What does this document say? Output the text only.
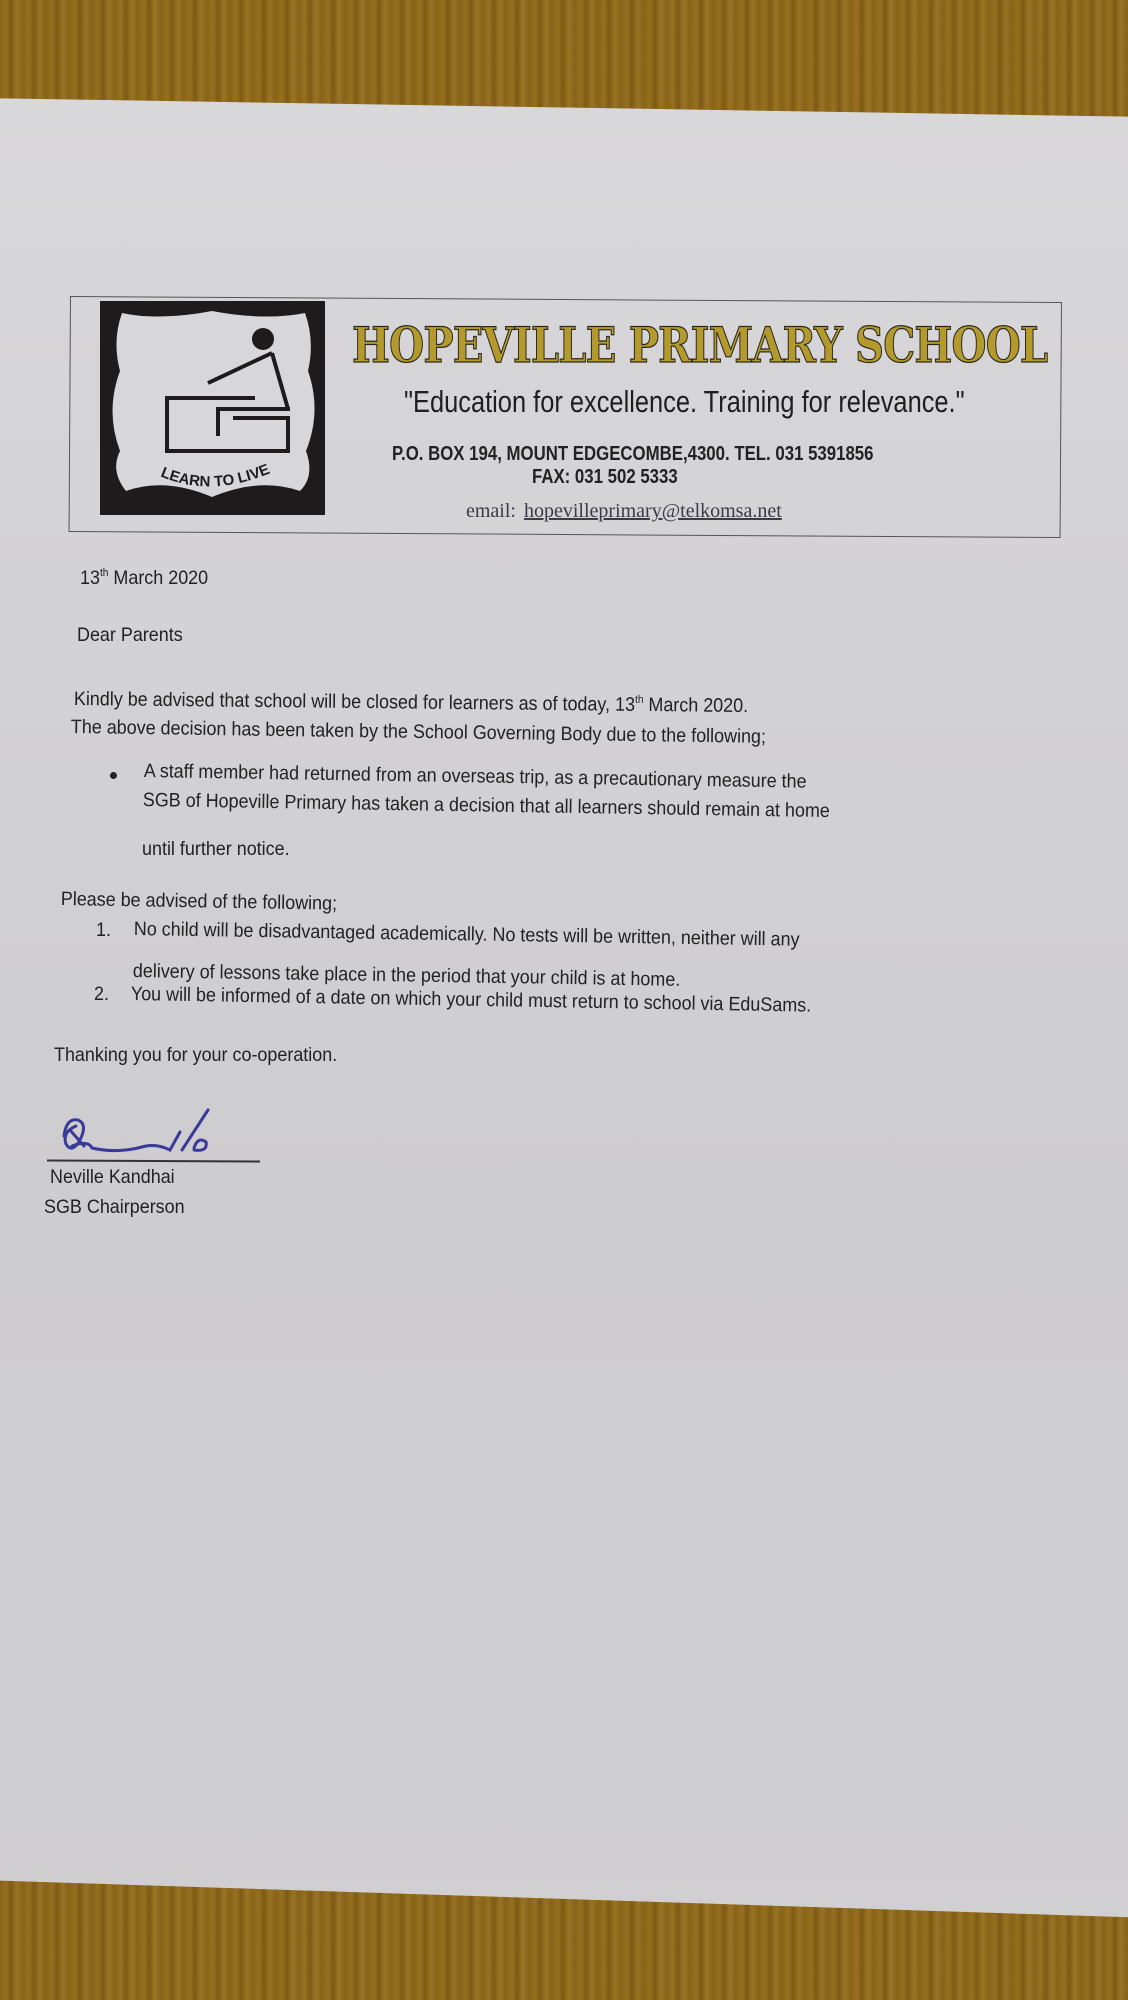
LEARN TO LIVE
HOPEVILLE PRIMARY SCHOOL
"Education for excellence. Training for relevance."
P.O. BOX 194, MOUNT EDGECOMBE,4300. TEL. 031 5391856
FAX: 031 502 5333
email: hopevilleprimary@telkomsa.net
13th March 2020
Dear Parents
Kindly be advised that school will be closed for learners as of today, 13th March 2020.
The above decision has been taken by the School Governing Body due to the following;
A staff member had returned from an overseas trip, as a precautionary measure the
SGB of Hopeville Primary has taken a decision that all learners should remain at home
until further notice.
Please be advised of the following;
1. No child will be disadvantaged academically. No tests will be written, neither will any
delivery of lessons take place in the period that your child is at home.
2. You will be informed of a date on which your child must return to school via EduSams.
Thanking you for your co-operation.
Neville Kandhai
SGB Chairperson
